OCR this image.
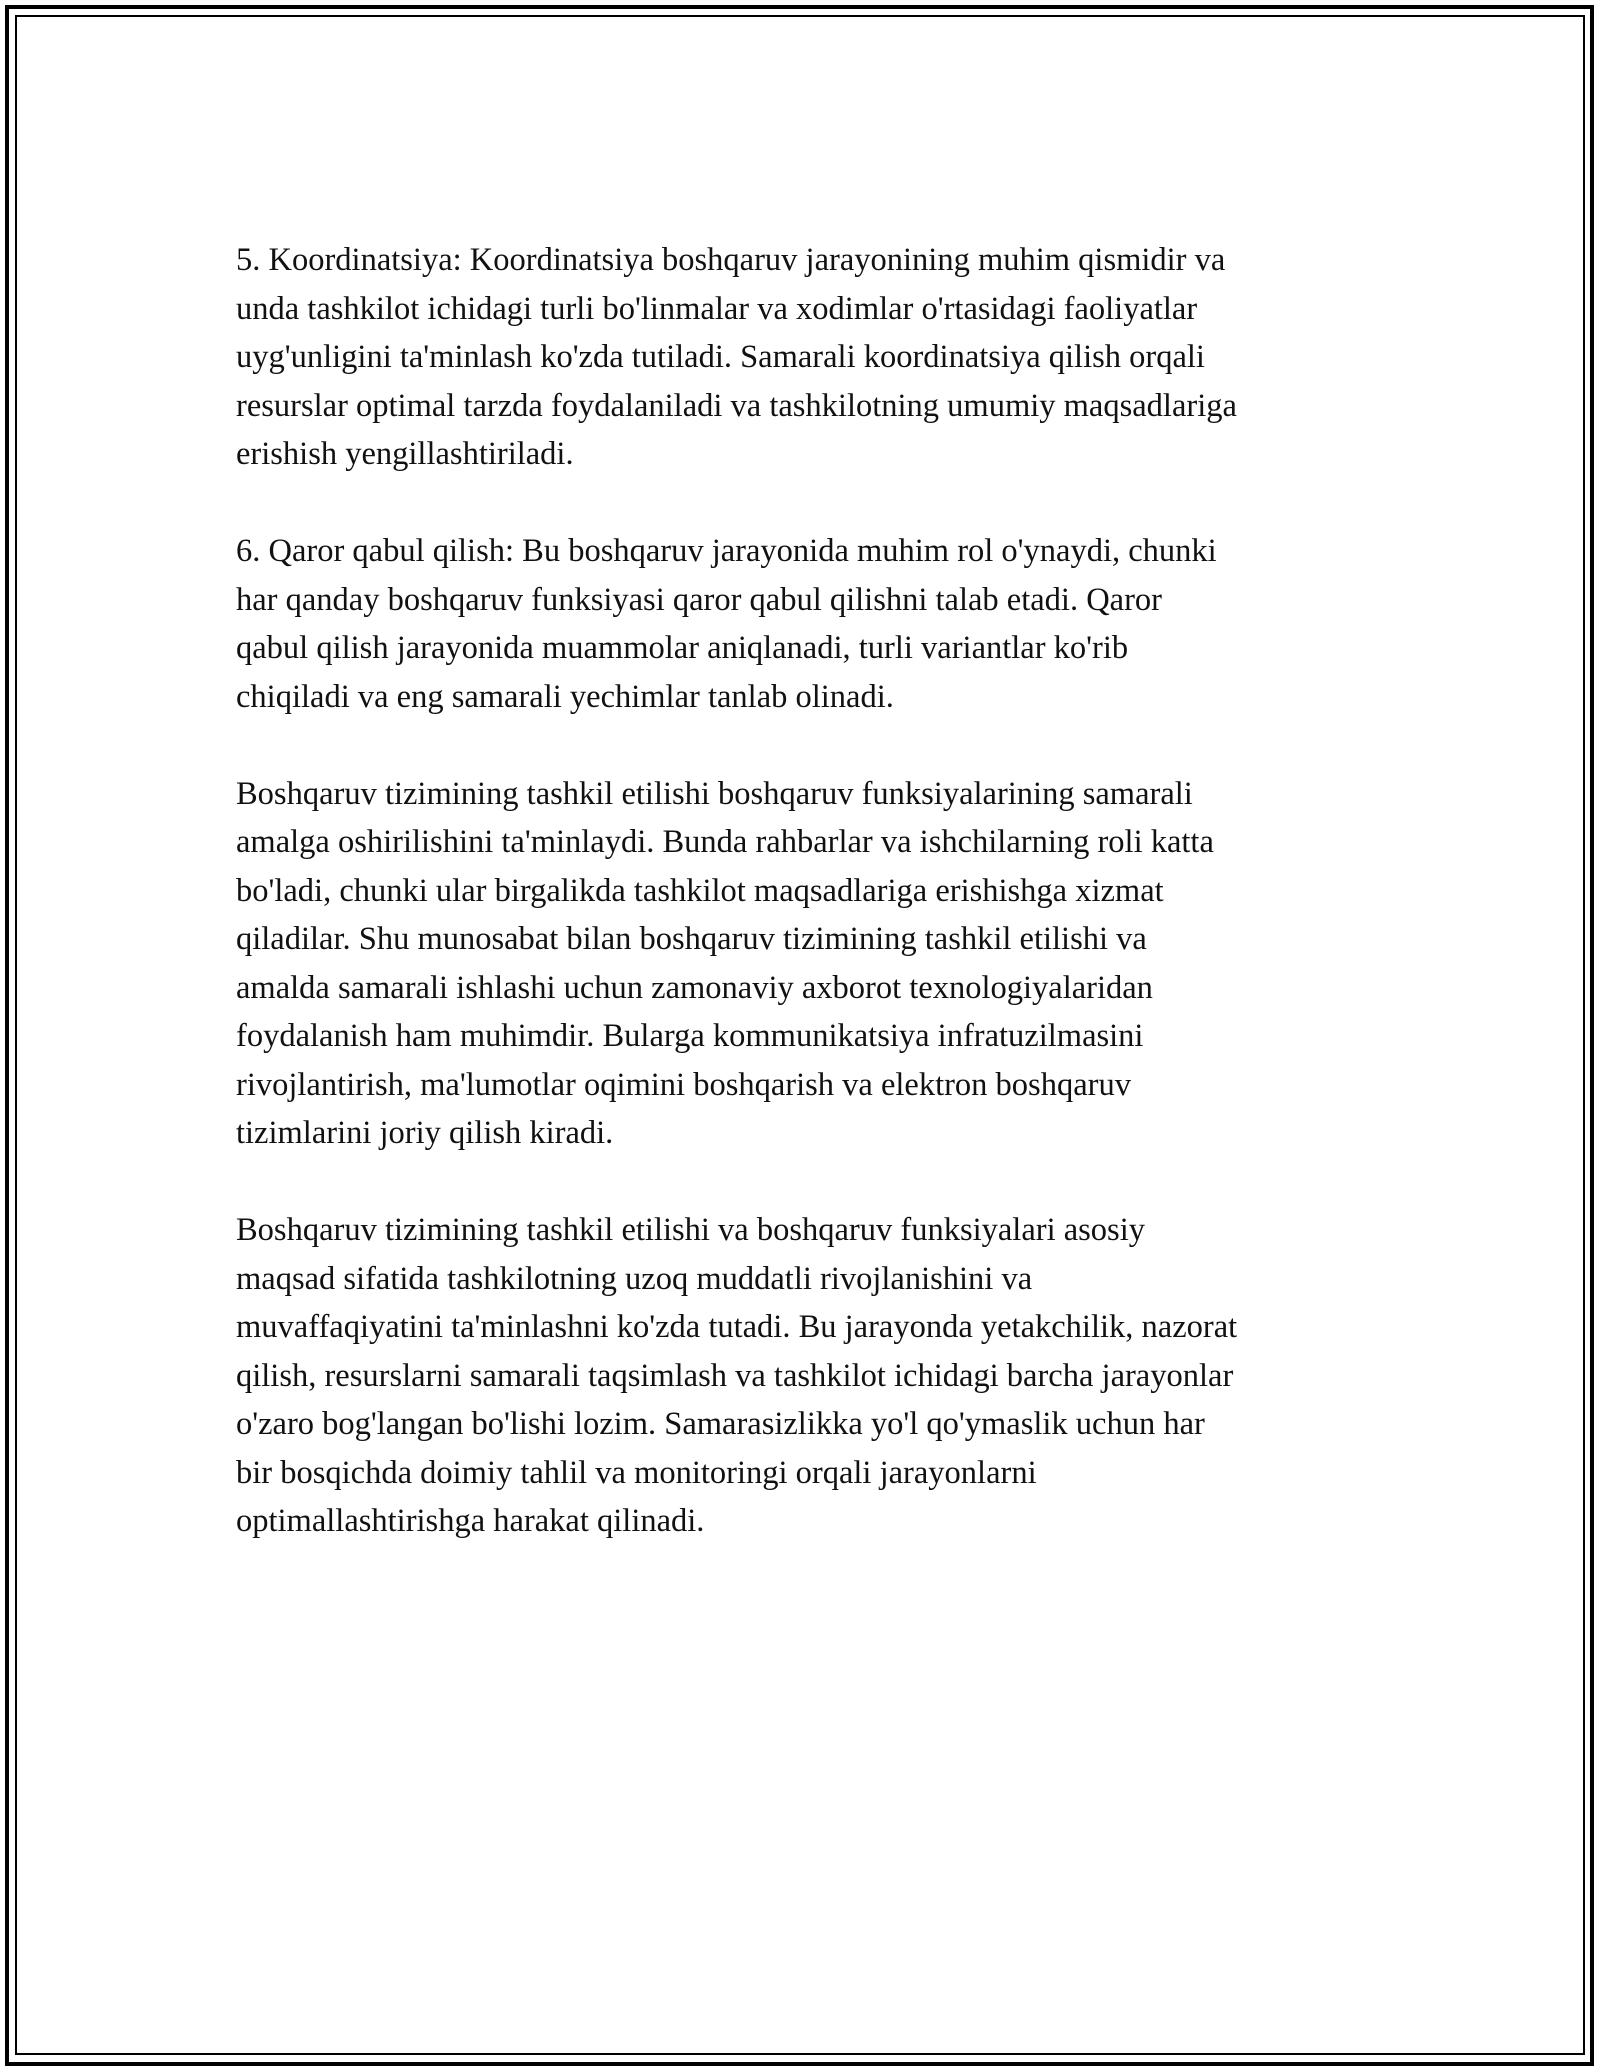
5. Koordinatsiya: Koordinatsiya boshqaruv jarayonining muhim qismidir va
unda tashkilot ichidagi turli bo'linmalar va xodimlar o'rtasidagi faoliyatlar
uyg'unligini ta'minlash ko'zda tutiladi. Samarali koordinatsiya qilish orqali
resurslar optimal tarzda foydalaniladi va tashkilotning umumiy maqsadlariga
erishish yengillashtiriladi.

6. Qaror qabul qilish: Bu boshqaruv jarayonida muhim rol o'ynaydi, chunki
har qanday boshqaruv funksiyasi qaror qabul qilishni talab etadi. Qaror
qabul qilish jarayonida muammolar aniqlanadi, turli variantlar ko'rib
chiqiladi va eng samarali yechimlar tanlab olinadi.

Boshqaruv tizimining tashkil etilishi boshqaruv funksiyalarining samarali
amalga oshirilishini ta'minlaydi. Bunda rahbarlar va ishchilarning roli katta
bo'ladi, chunki ular birgalikda tashkilot maqsadlariga erishishga xizmat
qiladilar. Shu munosabat bilan boshqaruv tizimining tashkil etilishi va
amalda samarali ishlashi uchun zamonaviy axborot texnologiyalaridan
foydalanish ham muhimdir. Bularga kommunikatsiya infratuzilmasini
rivojlantirish, ma'lumotlar oqimini boshqarish va elektron boshqaruv
tizimlarini joriy qilish kiradi.

Boshqaruv tizimining tashkil etilishi va boshqaruv funksiyalari asosiy
maqsad sifatida tashkilotning uzoq muddatli rivojlanishini va
muvaffaqiyatini ta'minlashni ko'zda tutadi. Bu jarayonda yetakchilik, nazorat
qilish, resurslarni samarali taqsimlash va tashkilot ichidagi barcha jarayonlar
o'zaro bog'langan bo'lishi lozim. Samarasizlikka yo'l qo'ymaslik uchun har
bir bosqichda doimiy tahlil va monitoringi orqali jarayonlarni
optimallashtirishga harakat qilinadi.
